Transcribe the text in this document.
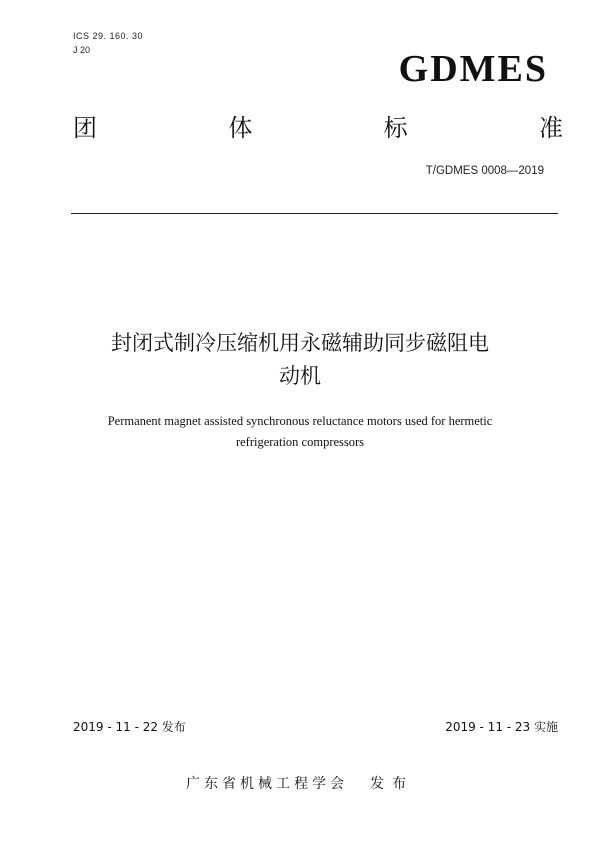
ICS 29. 160. 30
J 20	GDMES
团	体	标	准
T/GDMES 0008—2019
封闭式制冷压缩机用永磁辅助同步磁阻电
动机
Permanent magnet assisted synchronous reluctance motors used for hermetic
refrigeration compressors
2019 - 11 - 22 发布	2019 - 11 - 23 实施
广东省机械工程学会 发布
